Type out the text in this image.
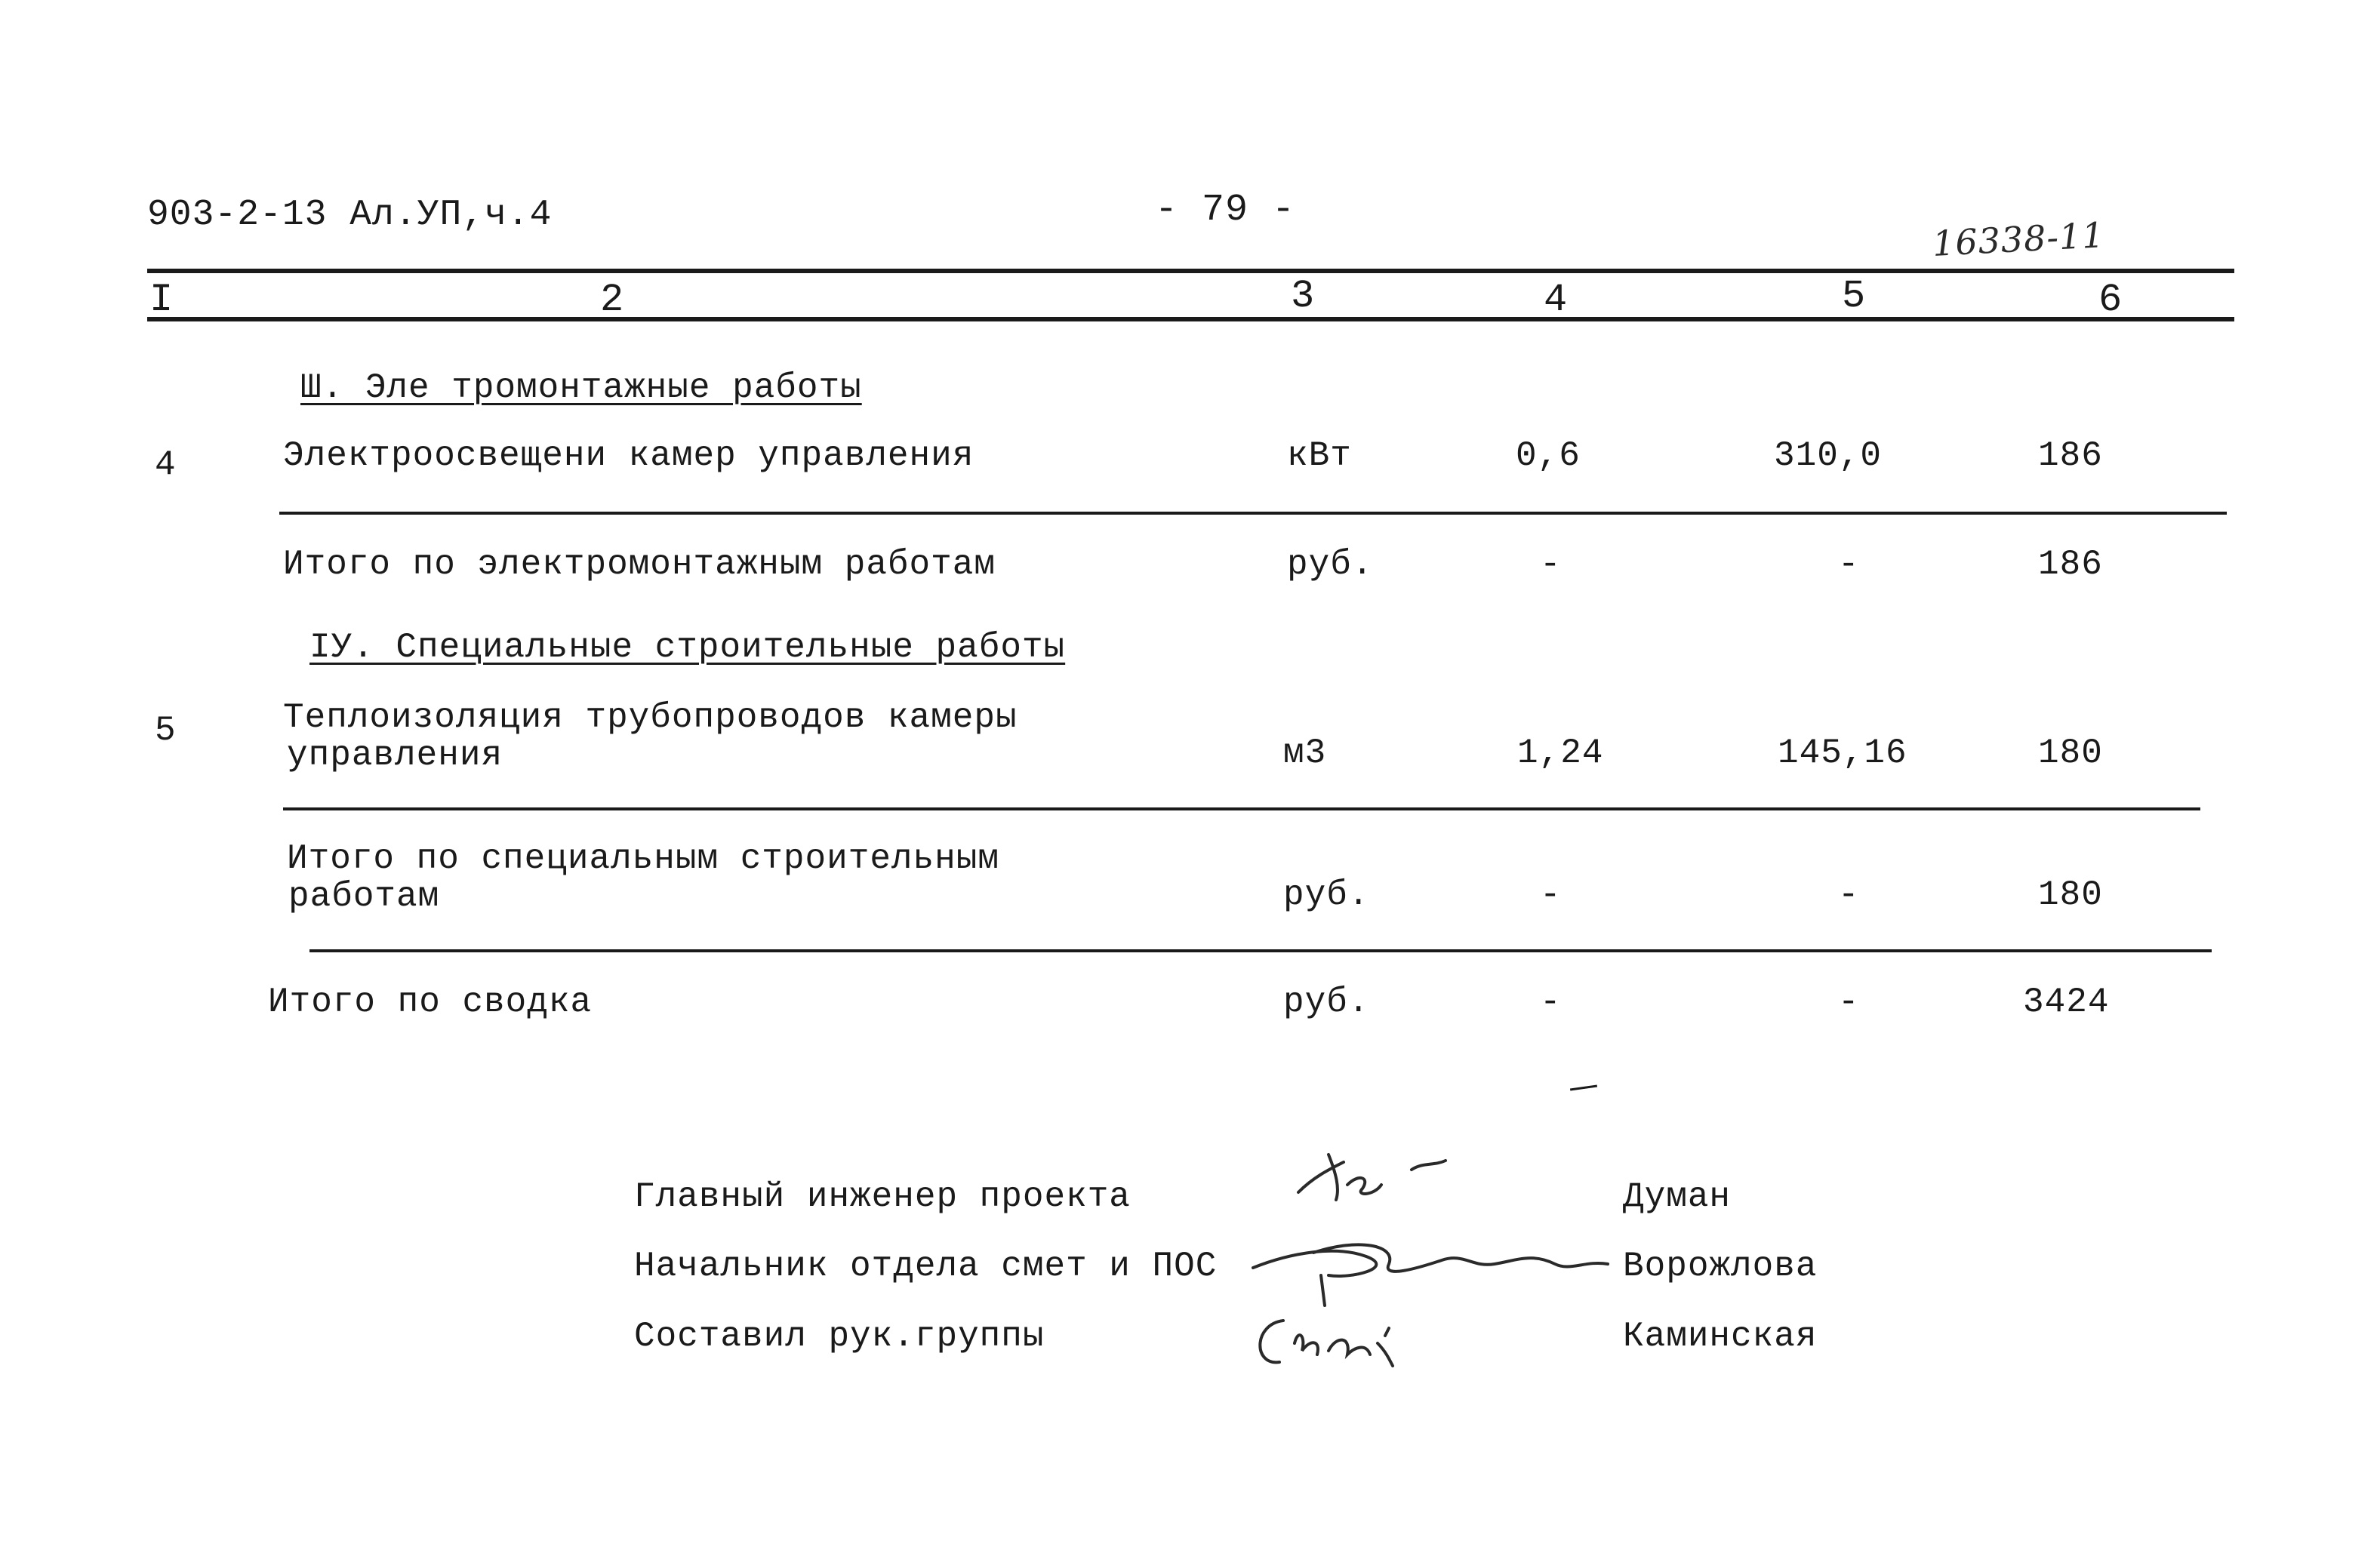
903-2-13 Ал.УП,ч.4	- 79 -
16338-11
I	2	3	4	5	6
Ш. Эле тромонтажные работы
4	Электроосвещени камер управления	кВт	0,6	310,0	186
Итого по электромонтажным работам	руб.	-	-	186
ІУ. Специальные строительные работы
5	Теплоизоляция трубопроводов камеры
управления	м3	1,24	145,16	180
Итого по специальным строительным
работам	руб.	-	-	180
Итого по сводка	руб.	-	-	3424
Главный инженер проекта	Думан
Начальник отдела смет и ПОС	Ворожлова
Составил рук.группы	Каминская
